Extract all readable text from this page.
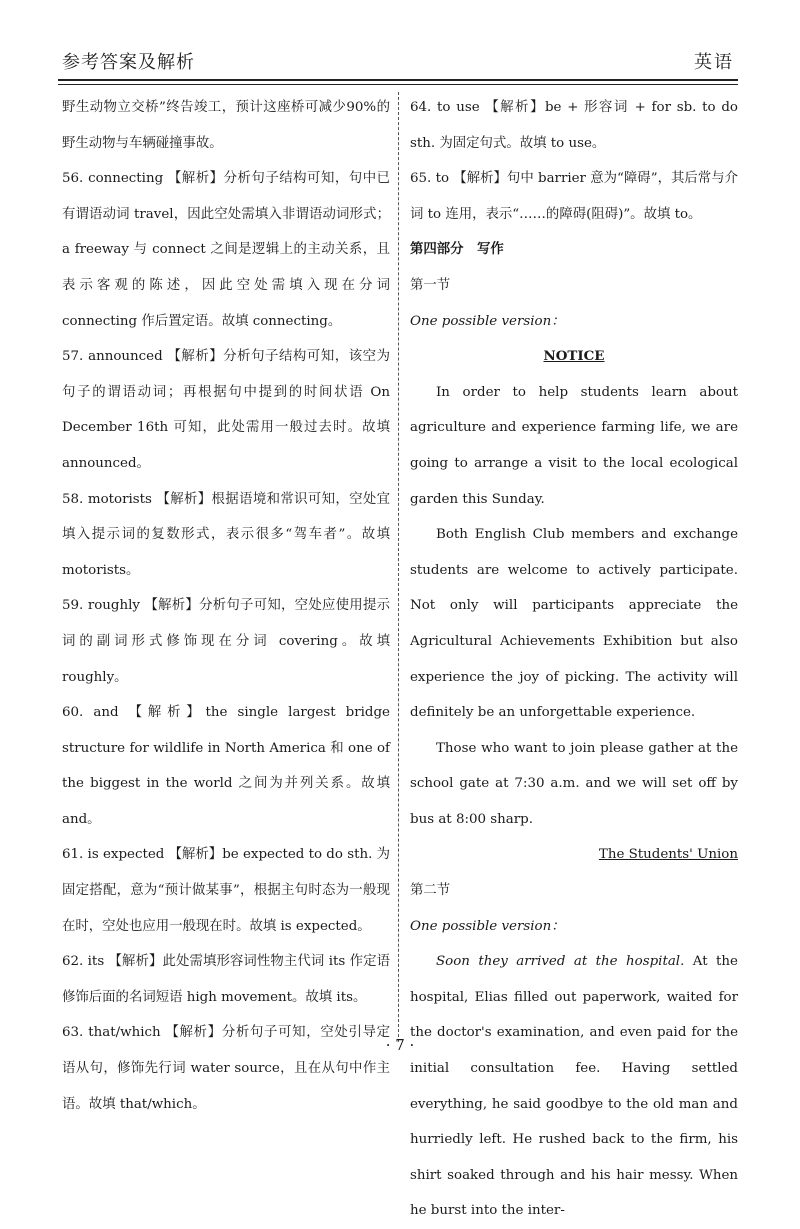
参考答案及解析	英语

野生动物立交桥”终告竣工，预计这座桥可减少90%的野生动物与车辆碰撞事故。

56. connecting 【解析】分析句子结构可知，句中已有谓语动词 travel，因此空处需填入非谓语动词形式；a freeway 与 connect 之间是逻辑上的主动关系，且表示客观的陈述，因此空处需填入现在分词 connecting 作后置定语。故填 connecting。

57. announced 【解析】分析句子结构可知，该空为句子的谓语动词；再根据句中提到的时间状语 On December 16th 可知，此处需用一般过去时。故填 announced。

58. motorists 【解析】根据语境和常识可知，空处宜填入提示词的复数形式，表示很多“驾车者”。故填 motorists。

59. roughly 【解析】分析句子可知，空处应使用提示词的副词形式修饰现在分词 covering。故填 roughly。

60. and 【解析】the single largest bridge structure for wildlife in North America 和 one of the biggest in the world 之间为并列关系。故填 and。

61. is expected 【解析】be expected to do sth. 为固定搭配，意为“预计做某事”，根据主句时态为一般现在时，空处也应用一般现在时。故填 is expected。

62. its 【解析】此处需填形容词性物主代词 its 作定语修饰后面的名词短语 high movement。故填 its。

63. that/which 【解析】分析句子可知，空处引导定语从句，修饰先行词 water source，且在从句中作主语。故填 that/which。

64. to use 【解析】be + 形容词 + for sb. to do sth. 为固定句式。故填 to use。

65. to 【解析】句中 barrier 意为“障碍”，其后常与介词 to 连用，表示“……的障碍(阻碍)”。故填 to。

第四部分　写作

第一节

One possible version：

NOTICE

In order to help students learn about agriculture and experience farming life, we are going to arrange a visit to the local ecological garden this Sunday.

Both English Club members and exchange students are welcome to actively participate. Not only will participants appreciate the Agricultural Achievements Exhibition but also experience the joy of picking. The activity will definitely be an unforgettable experience.

Those who want to join please gather at the school gate at 7:30 a.m. and we will set off by bus at 8:00 sharp.

The Students' Union

第二节

One possible version：

Soon they arrived at the hospital. At the hospital, Elias filled out paperwork, waited for the doctor's examination, and even paid for the initial consultation fee. Having settled everything, he said goodbye to the old man and hurriedly left. He rushed back to the firm, his shirt soaked through and his hair messy. When he burst into the inter-

· 7 ·
